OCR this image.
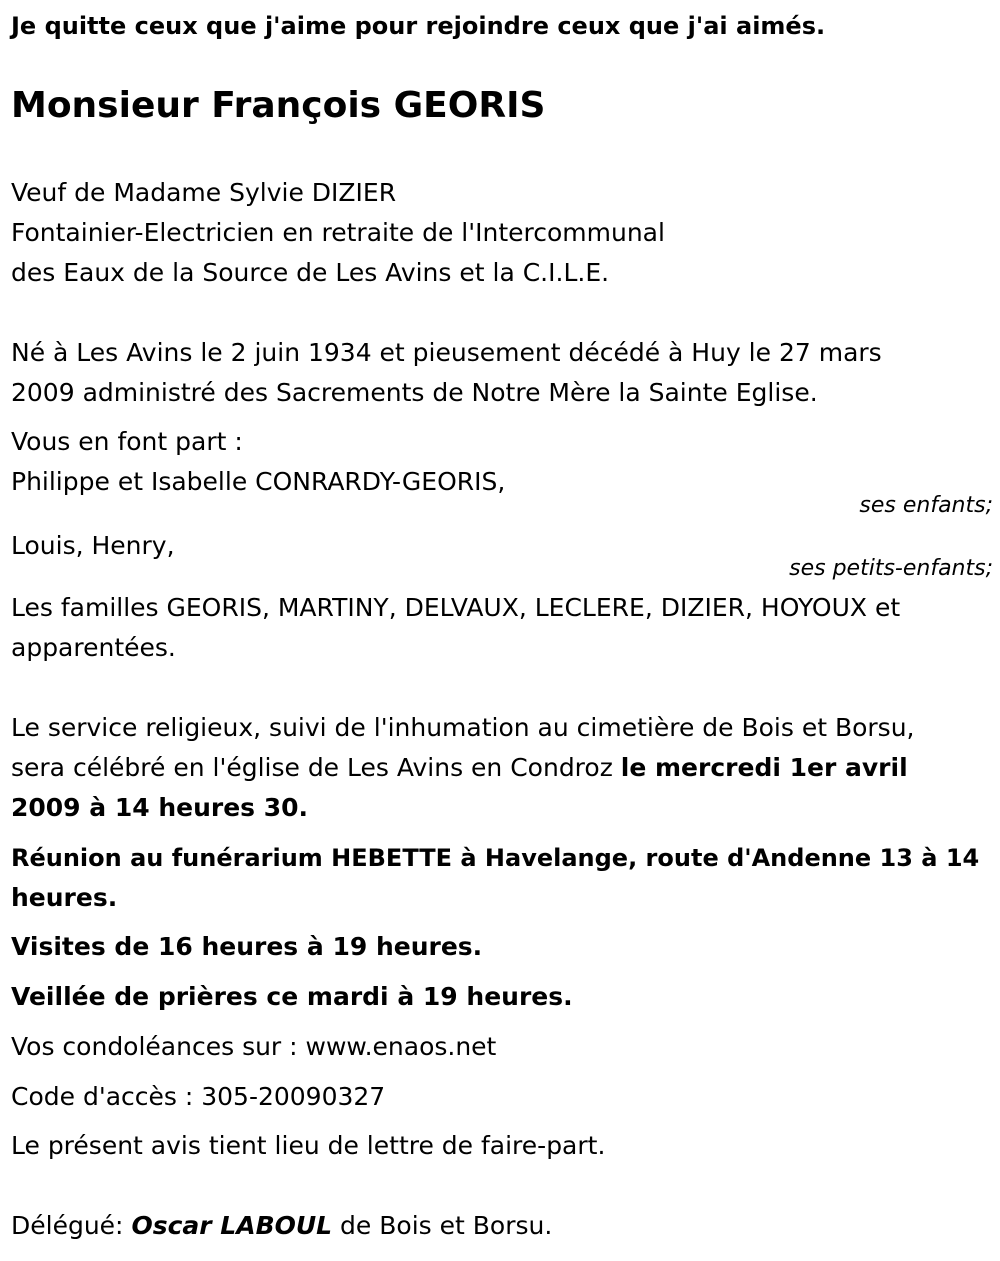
Je quitte ceux que j'aime pour rejoindre ceux que j'ai aimés.
Monsieur François GEORIS
Veuf de Madame Sylvie DIZIER
Fontainier-Electricien en retraite de l'Intercommunal
des Eaux de la Source de Les Avins et la C.I.L.E.
Né à Les Avins le 2 juin 1934 et pieusement décédé à Huy le 27 mars
2009 administré des Sacrements de Notre Mère la Sainte Eglise.
Vous en font part :
Philippe et Isabelle CONRARDY-GEORIS,
ses enfants;
Louis, Henry,
ses petits-enfants;
Les familles GEORIS, MARTINY, DELVAUX, LECLERE, DIZIER, HOYOUX et
apparentées.
Le service religieux, suivi de l'inhumation au cimetière de Bois et Borsu,
sera célébré en l'église de Les Avins en Condroz le mercredi 1er avril
2009 à 14 heures 30.
Réunion au funérarium HEBETTE à Havelange, route d'Andenne 13 à 14
heures.
Visites de 16 heures à 19 heures.
Veillée de prières ce mardi à 19 heures.
Vos condoléances sur : www.enaos.net
Code d'accès : 305-20090327
Le présent avis tient lieu de lettre de faire-part.
Délégué: Oscar LABOUL de Bois et Borsu.
